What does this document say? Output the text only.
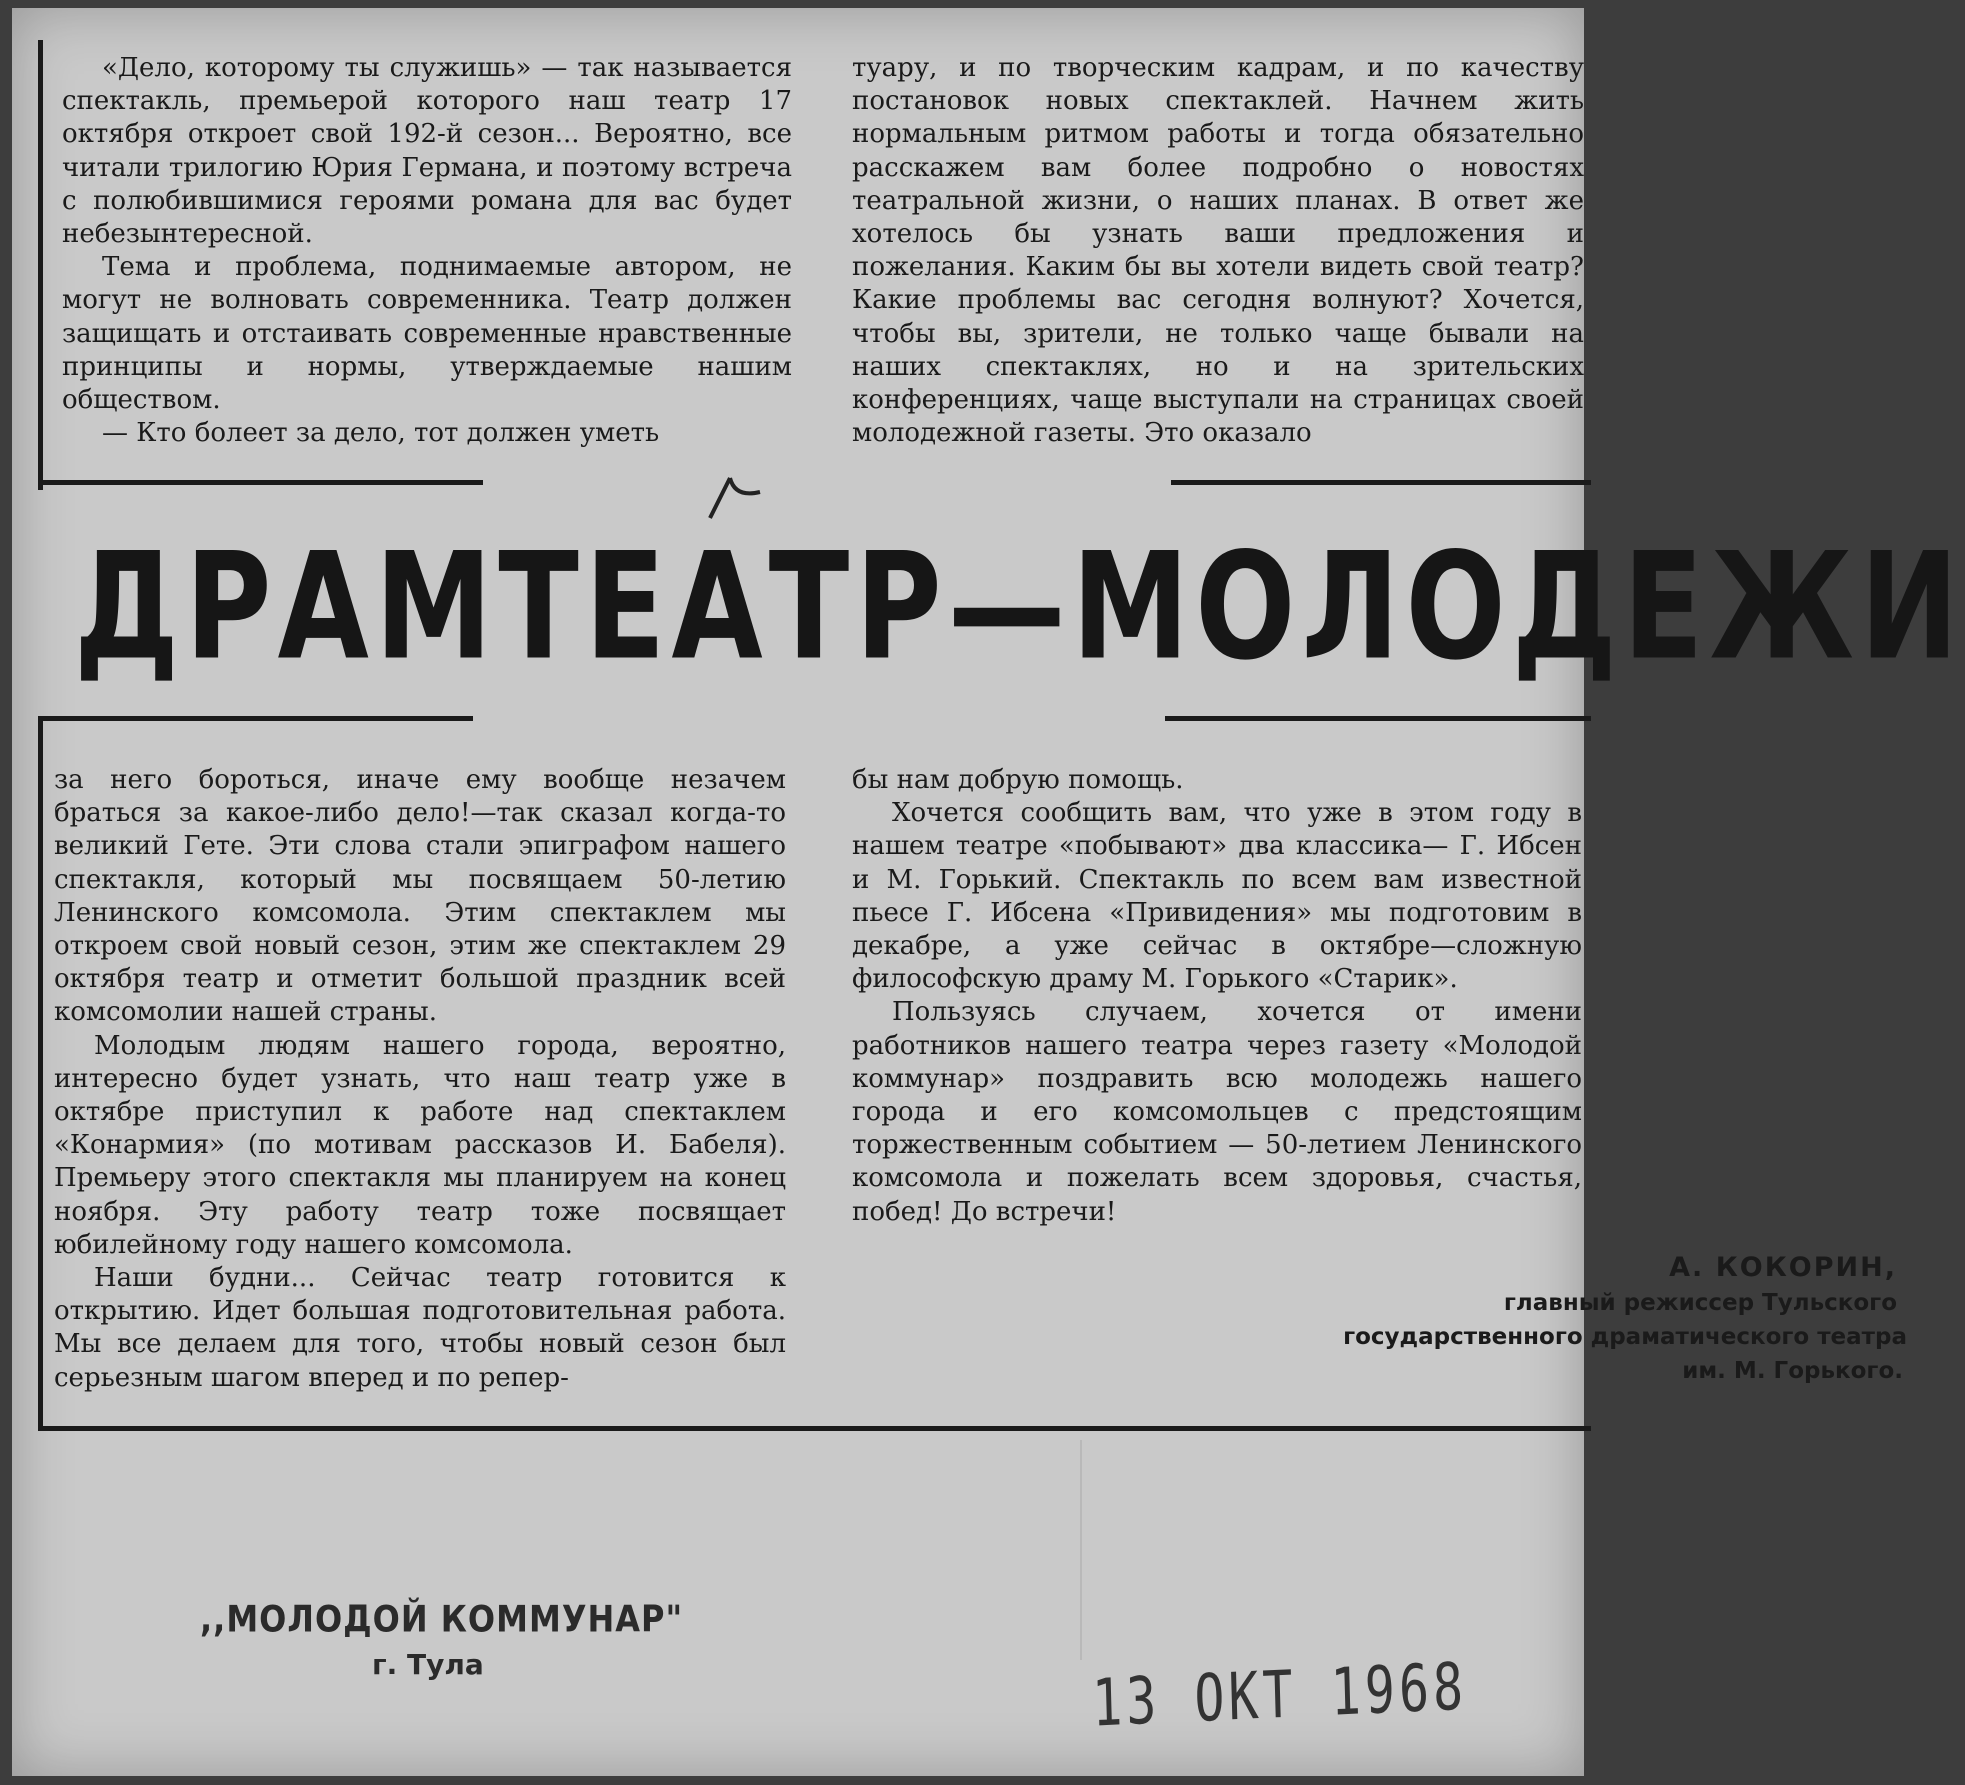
«Дело, которому ты служишь» — так называется спектакль, премьерой которого наш театр 17 октября откроет свой 192-й сезон... Вероятно, все читали трилогию Юрия Германа, и поэтому встреча с полюбившимися героями романа для вас будет небезынтересной.

Тема и проблема, поднимаемые автором, не могут не волновать современника. Театр должен защищать и отстаивать современные нравственные принципы и нормы, утверждаемые нашим обществом.

— Кто болеет за дело, тот должен уметь

туару, и по творческим кадрам, и по качеству постановок новых спектаклей. Начнем жить нормальным ритмом работы и тогда обязательно расскажем вам более подробно о новостях театральной жизни, о наших планах. В ответ же хотелось бы узнать ваши предложения и пожелания. Каким бы вы хотели видеть свой театр? Какие проблемы вас сегодня волнуют? Хочется, чтобы вы, зрители, не только чаще бывали на наших спектаклях, но и на зрительских конференциях, чаще выступали на страницах своей молодежной газеты. Это оказало

ДРАМТЕАТР—МОЛОДЕЖИ

за него бороться, иначе ему вообще незачем браться за какое-либо дело!—так сказал когда-то великий Гете. Эти слова стали эпиграфом нашего спектакля, который мы посвящаем 50-летию Ленинского комсомола. Этим спектаклем мы откроем свой новый сезон, этим же спектаклем 29 октября театр и отметит большой праздник всей комсомолии нашей страны.

Молодым людям нашего города, вероятно, интересно будет узнать, что наш театр уже в октябре приступил к работе над спектаклем «Конармия» (по мотивам рассказов И. Бабеля). Премьеру этого спектакля мы планируем на конец ноября. Эту работу театр тоже посвящает юбилейному году нашего комсомола.

Наши будни... Сейчас театр готовится к открытию. Идет большая подготовительная работа. Мы все делаем для того, чтобы новый сезон был серьезным шагом вперед и по репер-

бы нам добрую помощь.

Хочется сообщить вам, что уже в этом году в нашем театре «побывают» два классика— Г. Ибсен и М. Горький. Спектакль по всем вам известной пьесе Г. Ибсена «Привидения» мы подготовим в декабре, а уже сейчас в октябре—сложную философскую драму М. Горького «Старик».

Пользуясь случаем, хочется от имени работников нашего театра через газету «Молодой коммунар» поздравить всю молодежь нашего города и его комсомольцев с предстоящим торжественным событием — 50-летием Ленинского комсомола и пожелать всем здоровья, счастья, побед! До встречи!

А. КОКОРИН,
главный режиссер Тульского
государственного драматического театра
им. М. Горького.
,,МОЛОДОЙ КОММУНАР"
г. Тула	13 ОКТ 1968
